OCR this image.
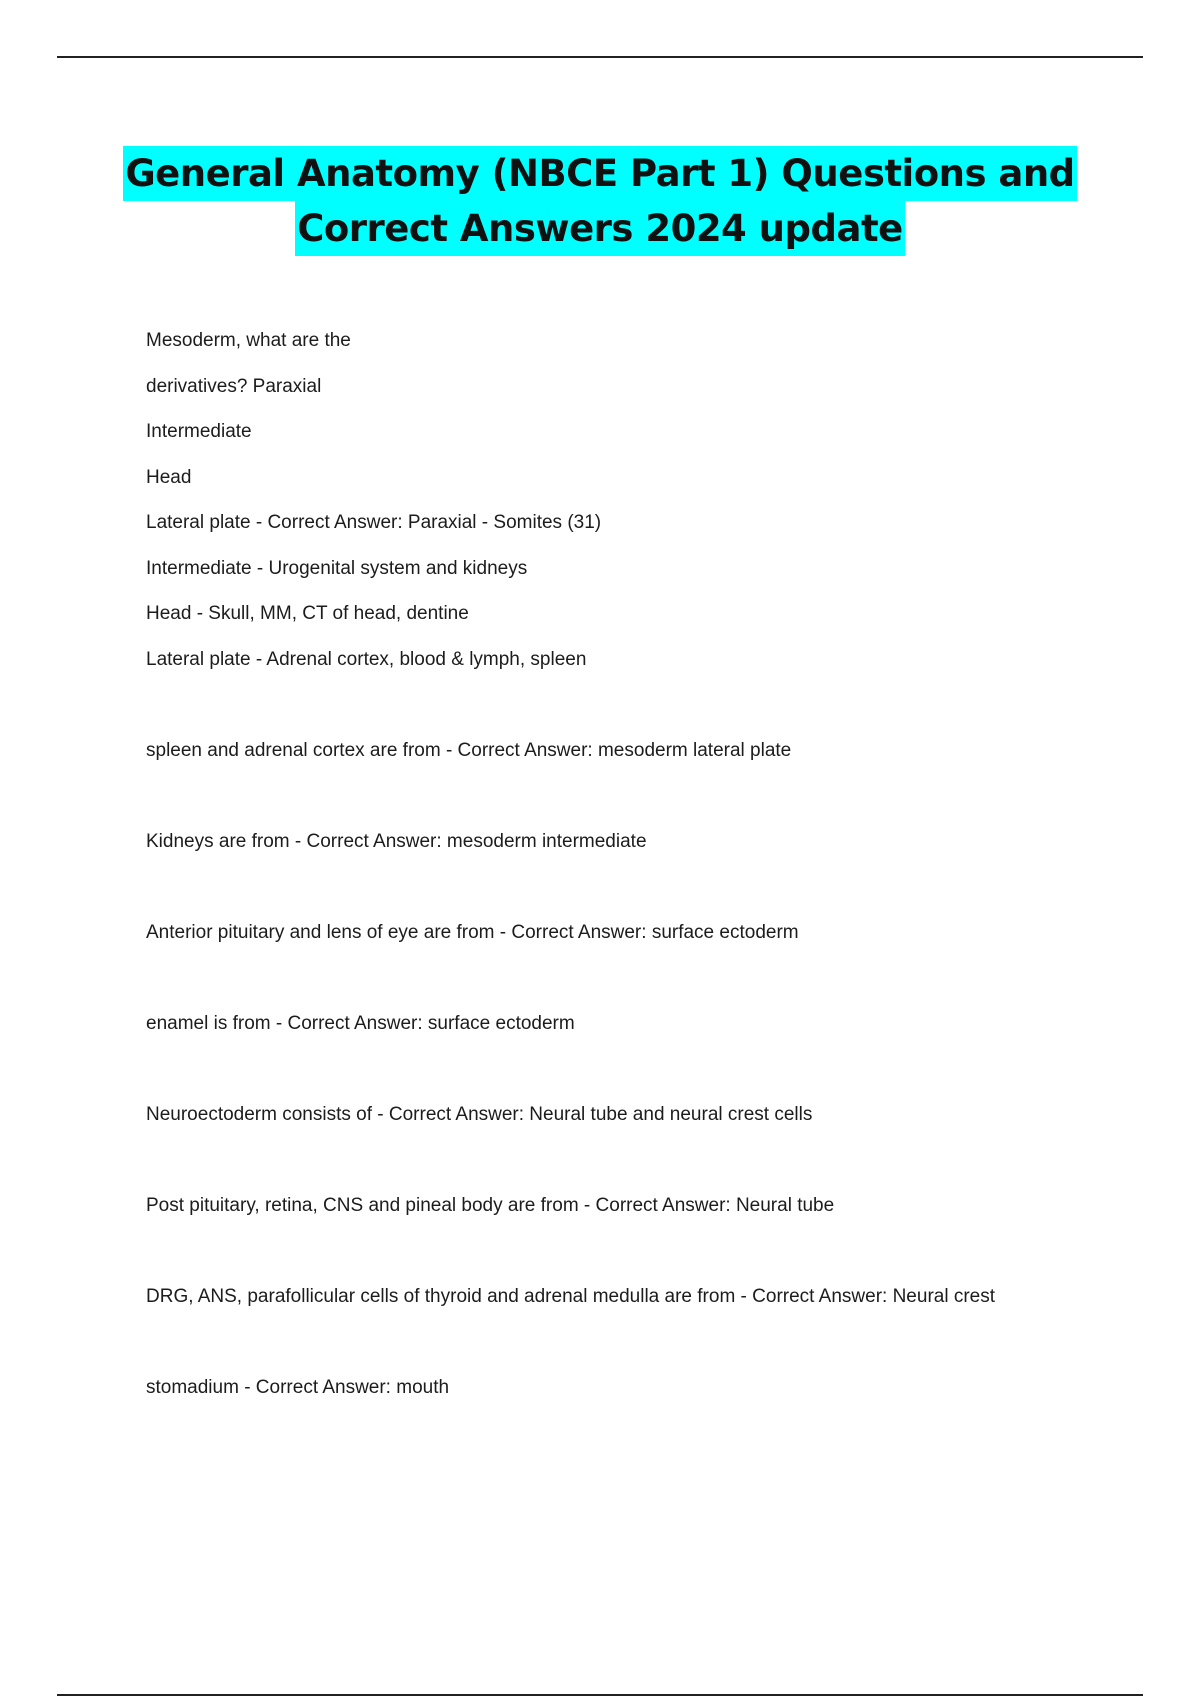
General Anatomy (NBCE Part 1) Questions and
Correct Answers 2024 update
Mesoderm, what are the
derivatives? Paraxial
Intermediate
Head
Lateral plate - Correct Answer: Paraxial - Somites (31)
Intermediate - Urogenital system and kidneys
Head - Skull, MM, CT of head, dentine
Lateral plate - Adrenal cortex, blood & lymph, spleen
spleen and adrenal cortex are from - Correct Answer: mesoderm lateral plate
Kidneys are from - Correct Answer: mesoderm intermediate
Anterior pituitary and lens of eye are from - Correct Answer: surface ectoderm
enamel is from - Correct Answer: surface ectoderm
Neuroectoderm consists of - Correct Answer: Neural tube and neural crest cells
Post pituitary, retina, CNS and pineal body are from - Correct Answer: Neural tube
DRG, ANS, parafollicular cells of thyroid and adrenal medulla are from - Correct Answer: Neural crest
stomadium - Correct Answer: mouth
